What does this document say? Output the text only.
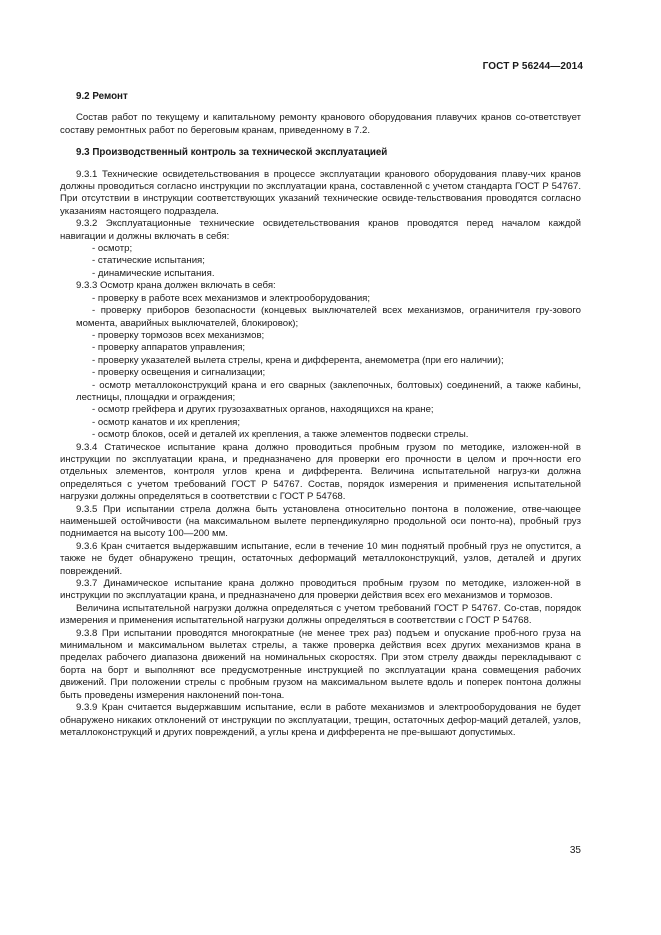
ГОСТ Р 56244—2014
9.2 Ремонт

Состав работ по текущему и капитальному ремонту кранового оборудования плавучих кранов со-ответствует составу ремонтных работ по береговым кранам, приведенному в 7.2.

9.3 Производственный контроль за технической эксплуатацией

9.3.1 Технические освидетельствования в процессе эксплуатации кранового оборудования плаву-чих кранов должны проводиться согласно инструкции по эксплуатации крана, составленной с учетом стандарта ГОСТ Р 54767. При отсутствии в инструкции соответствующих указаний технические освиде-тельствования проводятся согласно указаниям настоящего подраздела.

9.3.2 Эксплуатационные технические освидетельствования кранов проводятся перед началом каждой навигации и должны включать в себя:

- осмотр;

- статические испытания;

- динамические испытания.

9.3.3 Осмотр крана должен включать в себя:

- проверку в работе всех механизмов и электрооборудования;

- проверку приборов безопасности (концевых выключателей всех механизмов, ограничителя гру-зового момента, аварийных выключателей, блокировок);

- проверку тормозов всех механизмов;

- проверку аппаратов управления;

- проверку указателей вылета стрелы, крена и дифферента, анемометра (при его наличии);

- проверку освещения и сигнализации;

- осмотр металлоконструкций крана и его сварных (заклепочных, болтовых) соединений, а также кабины, лестницы, площадки и ограждения;

- осмотр грейфера и других грузозахватных органов, находящихся на кране;

- осмотр канатов и их крепления;

- осмотр блоков, осей и деталей их крепления, а также элементов подвески стрелы.

9.3.4 Статическое испытание крана должно проводиться пробным грузом по методике, изложен-ной в инструкции по эксплуатации крана, и предназначено для проверки его прочности в целом и проч-ности его отдельных элементов, контроля углов крена и дифферента. Величина испытательной нагруз-ки должна определяться с учетом требований ГОСТ Р 54767. Состав, порядок измерения и применения испытательной нагрузки должны определяться в соответствии с ГОСТ Р 54768.

9.3.5 При испытании стрела должна быть установлена относительно понтона в положение, отве-чающее наименьшей остойчивости (на максимальном вылете перпендикулярно продольной оси понто-на), пробный груз поднимается на высоту 100—200 мм.

9.3.6 Кран считается выдержавшим испытание, если в течение 10 мин поднятый пробный груз не опустится, а также не будет обнаружено трещин, остаточных деформаций металлоконструкций, узлов, деталей и других повреждений.

9.3.7 Динамическое испытание крана должно проводиться пробным грузом по методике, изложен-ной в инструкции по эксплуатации крана, и предназначено для проверки действия всех его механизмов и тормозов.

Величина испытательной нагрузки должна определяться с учетом требований ГОСТ Р 54767. Со-став, порядок измерения и применения испытательной нагрузки должны определяться в соответствии с ГОСТ Р 54768.

9.3.8 При испытании проводятся многократные (не менее трех раз) подъем и опускание проб-ного груза на минимальном и максимальном вылетах стрелы, а также проверка действия всех других механизмов крана в пределах рабочего диапазона движений на номинальных скоростях. При этом стрелу дважды перекладывают с борта на борт и выполняют все предусмотренные инструкцией по эксплуатации крана совмещения рабочих движений. При положении стрелы с пробным грузом на максимальном вылете вдоль и поперек понтона должны быть проведены измерения наклонений пон-тона.

9.3.9 Кран считается выдержавшим испытание, если в работе механизмов и электрооборудования не будет обнаружено никаких отклонений от инструкции по эксплуатации, трещин, остаточных дефор-маций деталей, узлов, металлоконструкций и других повреждений, а углы крена и дифферента не пре-вышают допустимых.

35
